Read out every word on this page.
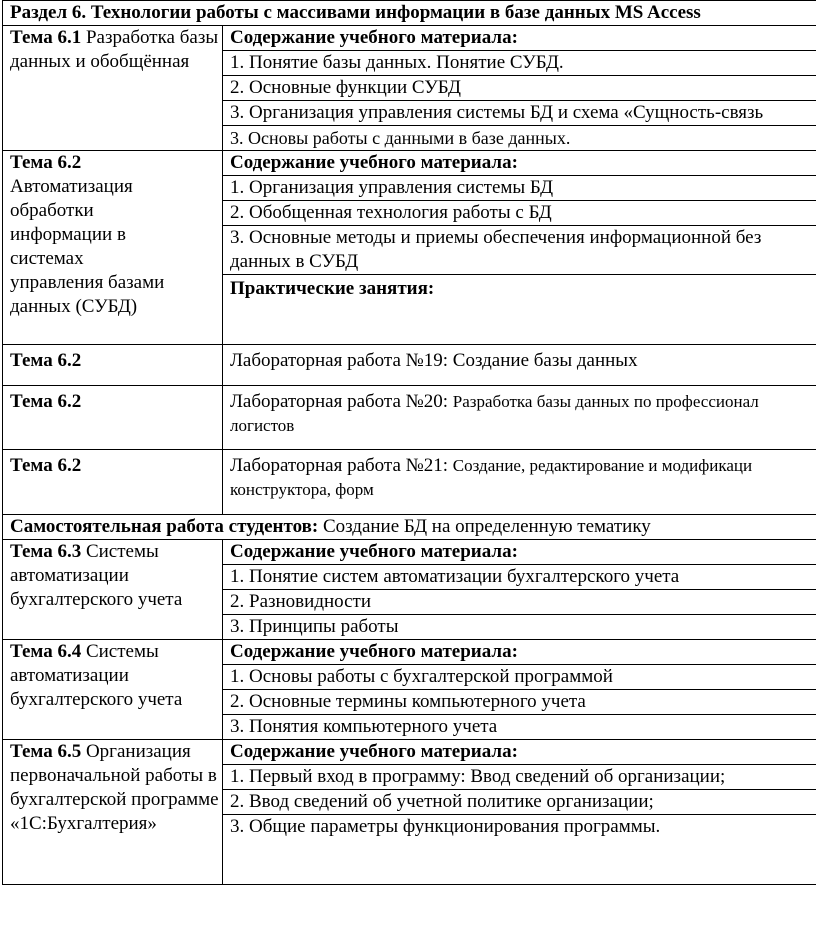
Раздел 6. Технологии работы с массивами информации в базе данных MS Access	
Тема 6.1 Разработка базы данных и обобщённая	Содержание учебного материала:
	1. Понятие базы данных. Понятие СУБД.
	2. Основные функции СУБД
	3. Организация управления системы БД и схема «Сущность-связь
	3. Основы работы с данными в базе данных.

Тема 6.2
Автоматизация обработки информации в системах управления базами данных (СУБД)	Содержание учебного материала:
	1. Организация управления системы БД
	2. Обобщенная технология работы с БД

	3. Основные методы и приемы обеспечения информационной без
данных в СУБД

	Практические занятия:
Тема 6.2	Лабораторная работа №19: Создание базы данных
Тема 6.2	Лабораторная работа №20: Разработка базы данных по профессионал
логистов

Тема 6.2	Лабораторная работа №21: Создание, редактирование и модификаци
конструктора, форм

Самостоятельная работа студентов: Создание БД на определенную тематику	
Тема 6.3 Системы автоматизации бухгалтерского учета	Содержание учебного материала:
	1. Понятие систем автоматизации бухгалтерского учета
	2. Разновидности
	3. Принципы работы
Тема 6.4 Системы автоматизации бухгалтерского учета	Содержание учебного материала:
	1. Основы работы с бухгалтерской программой
	2. Основные термины компьютерного учета
	3. Понятия компьютерного учета
Тема 6.5 Организация первоначальной работы в бухгалтерской программе «1С:Бухгалтерия»	Содержание учебного материала:
	1. Первый вход в программу: Ввод сведений об организации;
	2. Ввод сведений об учетной политике организации;
	3. Общие параметры функционирования программы.
